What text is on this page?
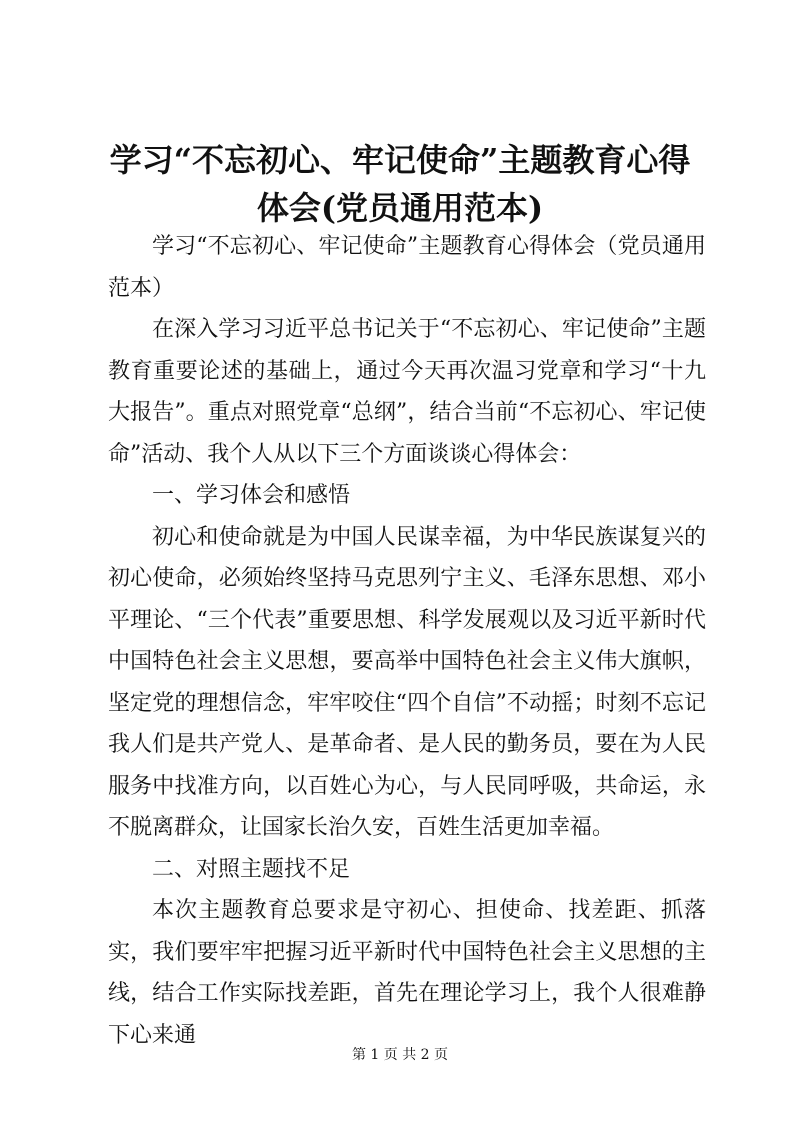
学习“不忘初心、牢记使命”主题教育心得体会(党员通用范本)

学习“不忘初心、牢记使命”主题教育心得体会（党员通用范本）

在深入学习习近平总书记关于“不忘初心、牢记使命”主题教育重要论述的基础上，通过今天再次温习党章和学习“十九大报告”。重点对照党章“总纲”，结合当前“不忘初心、牢记使命”活动、我个人从以下三个方面谈谈心得体会：

一、学习体会和感悟

初心和使命就是为中国人民谋幸福，为中华民族谋复兴的初心使命，必须始终坚持马克思列宁主义、毛泽东思想、邓小平理论、“三个代表”重要思想、科学发展观以及习近平新时代中国特色社会主义思想，要高举中国特色社会主义伟大旗帜，坚定党的理想信念，牢牢咬住“四个自信”不动摇；时刻不忘记我人们是共产党人、是革命者、是人民的勤务员，要在为人民服务中找准方向，以百姓心为心，与人民同呼吸，共命运，永不脱离群众，让国家长治久安，百姓生活更加幸福。

二、对照主题找不足

本次主题教育总要求是守初心、担使命、找差距、抓落实，我们要牢牢把握习近平新时代中国特色社会主义思想的主线，结合工作实际找差距，首先在理论学习上，我个人很难静下心来通

第 1 页 共 2 页
